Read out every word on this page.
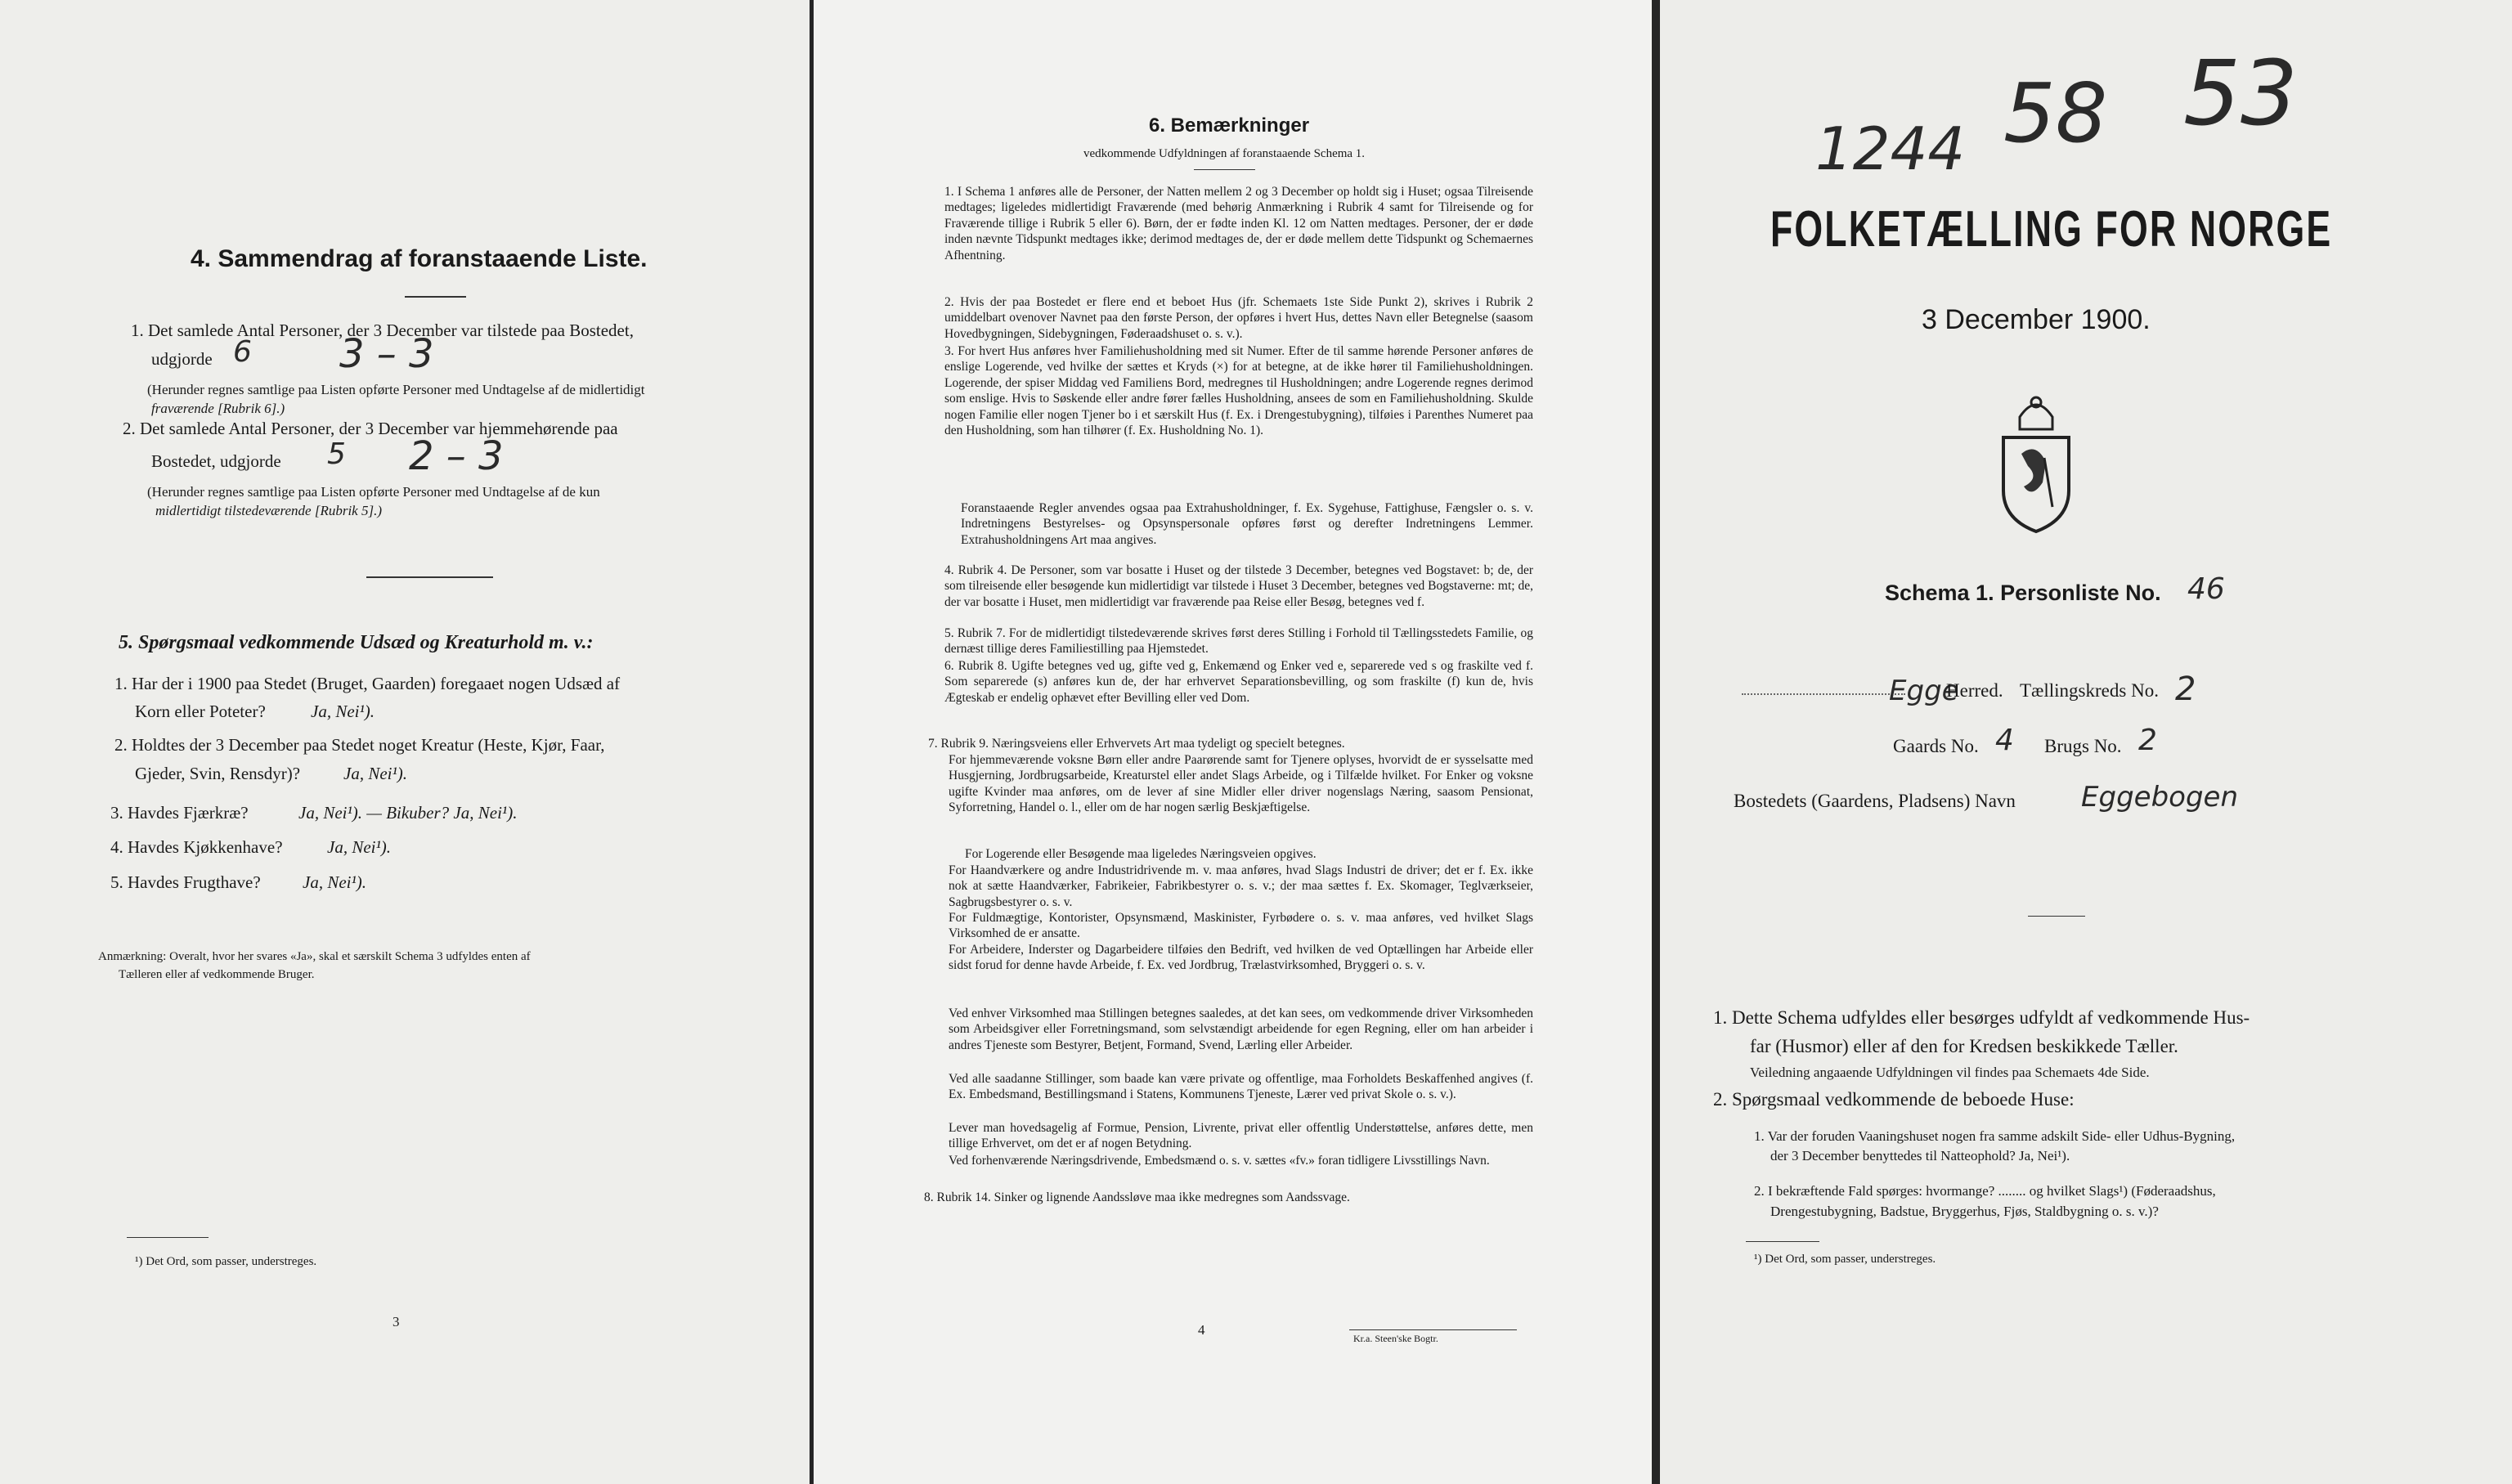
4. Sammendrag af foranstaaende Liste.
1. Det samlede Antal Personer, der 3 December var tilstede paa Bostedet,
udgjorde 6 3 – 3
(Herunder regnes samtlige paa Listen opførte Personer med Undtagelse af de midlertidigt
fraværende [Rubrik 6].)
2. Det samlede Antal Personer, der 3 December var hjemmehørende paa
Bostedet, udgjorde 5 2 – 3
(Herunder regnes samtlige paa Listen opførte Personer med Undtagelse af de kun
midlertidigt tilstedeværende [Rubrik 5].)
5. Spørgsmaal vedkommende Udsæd og Kreaturhold m. v.:
1. Har der i 1900 paa Stedet (Bruget, Gaarden) foregaaet nogen Udsæd af
Korn eller Poteter?	Ja, Nei¹).
2. Holdtes der 3 December paa Stedet noget Kreatur (Heste, Kjør, Faar,
Gjeder, Svin, Rensdyr)?	Ja, Nei¹).
3. Havdes Fjærkræ?	Ja, Nei¹). — Bikuber? Ja, Nei¹).
4. Havdes Kjøkkenhave?	Ja, Nei¹).
5. Havdes Frugthave? Ja, Nei¹).
Anmærkning: Overalt, hvor her svares «Ja», skal et særskilt Schema 3 udfyldes enten af
Tælleren eller af vedkommende Bruger.
¹) Det Ord, som passer, understreges.
3
6. Bemærkninger
vedkommende Udfyldningen af foranstaaende Schema 1.
1. I Schema 1 anføres alle de Personer, der Natten mellem 2 og 3 December op holdt sig i Huset; ogsaa Tilreisende medtages; ligeledes midlertidigt Fraværende (med behørig Anmærkning i Rubrik 4 samt for Tilreisende og for Fraværende tillige i Rubrik 5 eller 6). Børn, der er fødte inden Kl. 12 om Natten medtages. Personer, der er døde inden nævnte Tidspunkt medtages ikke; derimod medtages de, der er døde mellem dette Tidspunkt og Schemaernes Afhentning.
2. Hvis der paa Bostedet er flere end et beboet Hus (jfr. Schemaets 1ste Side Punkt 2), skrives i Rubrik 2 umiddelbart ovenover Navnet paa den første Person, der opføres i hvert Hus, dettes Navn eller Betegnelse (saasom Hovedbygningen, Sidebygningen, Føderaadshuset o. s. v.).
3. For hvert Hus anføres hver Familiehusholdning med sit Numer. Efter de til samme hørende Personer anføres de enslige Logerende, ved hvilke der sættes et Kryds (×) for at betegne, at de ikke hører til Familiehusholdningen. Logerende, der spiser Middag ved Familiens Bord, medregnes til Husholdningen; andre Logerende regnes derimod som enslige. Hvis to Søskende eller andre fører fælles Husholdning, ansees de som en Familiehusholdning. Skulde nogen Familie eller nogen Tjener bo i et særskilt Hus (f. Ex. i Drengestubygning), tilføies i Parenthes Numeret paa den Husholdning, som han tilhører (f. Ex. Husholdning No. 1).
Foranstaaende Regler anvendes ogsaa paa Extrahusholdninger, f. Ex. Sygehuse, Fattighuse, Fængsler o. s. v. Indretningens Bestyrelses- og Opsynspersonale opføres først og derefter Indretningens Lemmer. Extrahusholdningens Art maa angives.
4. Rubrik 4. De Personer, som var bosatte i Huset og der tilstede 3 December, betegnes ved Bogstavet: b; de, der som tilreisende eller besøgende kun midlertidigt var tilstede i Huset 3 December, betegnes ved Bogstaverne: mt; de, der var bosatte i Huset, men midlertidigt var fraværende paa Reise eller Besøg, betegnes ved f.
5. Rubrik 7. For de midlertidigt tilstedeværende skrives først deres Stilling i Forhold til Tællingsstedets Familie, og dernæst tillige deres Familiestilling paa Hjemstedet.
6. Rubrik 8. Ugifte betegnes ved ug, gifte ved g, Enkemænd og Enker ved e, separerede ved s og fraskilte ved f. Som separerede (s) anføres kun de, der har erhvervet Separationsbevilling, og som fraskilte (f) kun de, hvis Ægteskab er endelig ophævet efter Bevilling eller ved Dom.
7. Rubrik 9. Næringsveiens eller Erhvervets Art maa tydeligt og specielt betegnes.
For hjemmeværende voksne Børn eller andre Paarørende samt for Tjenere oplyses, hvorvidt de er sysselsatte med Husgjerning, Jordbrugsarbeide, Kreaturstel eller andet Slags Arbeide, og i Tilfælde hvilket. For Enker og voksne ugifte Kvinder maa anføres, om de lever af sine Midler eller driver nogenslags Næring, saasom Pensionat, Syforretning, Handel o. l., eller om de har nogen særlig Beskjæftigelse.
For Logerende eller Besøgende maa ligeledes Næringsveien opgives.
For Haandværkere og andre Industridrivende m. v. maa anføres, hvad Slags Industri de driver; det er f. Ex. ikke nok at sætte Haandværker, Fabrikeier, Fabrikbestyrer o. s. v.; der maa sættes f. Ex. Skomager, Teglværkseier, Sagbrugsbestyrer o. s. v.
For Fuldmægtige, Kontorister, Opsynsmænd, Maskinister, Fyrbødere o. s. v. maa anføres, ved hvilket Slags Virksomhed de er ansatte.
For Arbeidere, Inderster og Dagarbeidere tilføies den Bedrift, ved hvilken de ved Optællingen har Arbeide eller sidst forud for denne havde Arbeide, f. Ex. ved Jordbrug, Trælastvirksomhed, Bryggeri o. s. v.
Ved enhver Virksomhed maa Stillingen betegnes saaledes, at det kan sees, om vedkommende driver Virksomheden som Arbeidsgiver eller Forretningsmand, som selvstændigt arbeidende for egen Regning, eller om han arbeider i andres Tjeneste som Bestyrer, Betjent, Formand, Svend, Lærling eller Arbeider.
Ved alle saadanne Stillinger, som baade kan være private og offentlige, maa Forholdets Beskaffenhed angives (f. Ex. Embedsmand, Bestillingsmand i Statens, Kommunens Tjeneste, Lærer ved privat Skole o. s. v.).
Lever man hovedsagelig af Formue, Pension, Livrente, privat eller offentlig Understøttelse, anføres dette, men tillige Erhvervet, om det er af nogen Betydning.
Ved forhenværende Næringsdrivende, Embedsmænd o. s. v. sættes «fv.» foran tidligere Livsstillings Navn.
8. Rubrik 14. Sinker og lignende Aandssløve maa ikke medregnes som Aandssvage.
4
Kr.a. Steen'ske Bogtr.
1244 58 53
FOLKETÆLLING FOR NORGE
3 December 1900.
Schema 1. Personliste No. 46
Egge
Herred. Tællingskreds No. 2
Gaards No. 4 Brugs No. 2
Bostedets (Gaardens, Pladsens) Navn Eggebogen
1. Dette Schema udfyldes eller besørges udfyldt af vedkommende Hus-
far (Husmor) eller af den for Kredsen beskikkede Tæller.
Veiledning angaaende Udfyldningen vil findes paa Schemaets 4de Side.
2. Spørgsmaal vedkommende de beboede Huse:
1. Var der foruden Vaaningshuset nogen fra samme adskilt Side- eller Udhus-Bygning,
der 3 December benyttedes til Natteophold? Ja, Nei¹).
2. I bekræftende Fald spørges: hvormange? ........ og hvilket Slags¹) (Føderaadshus,
Drengestubygning, Badstue, Bryggerhus, Fjøs, Staldbygning o. s. v.)?
¹) Det Ord, som passer, understreges.
